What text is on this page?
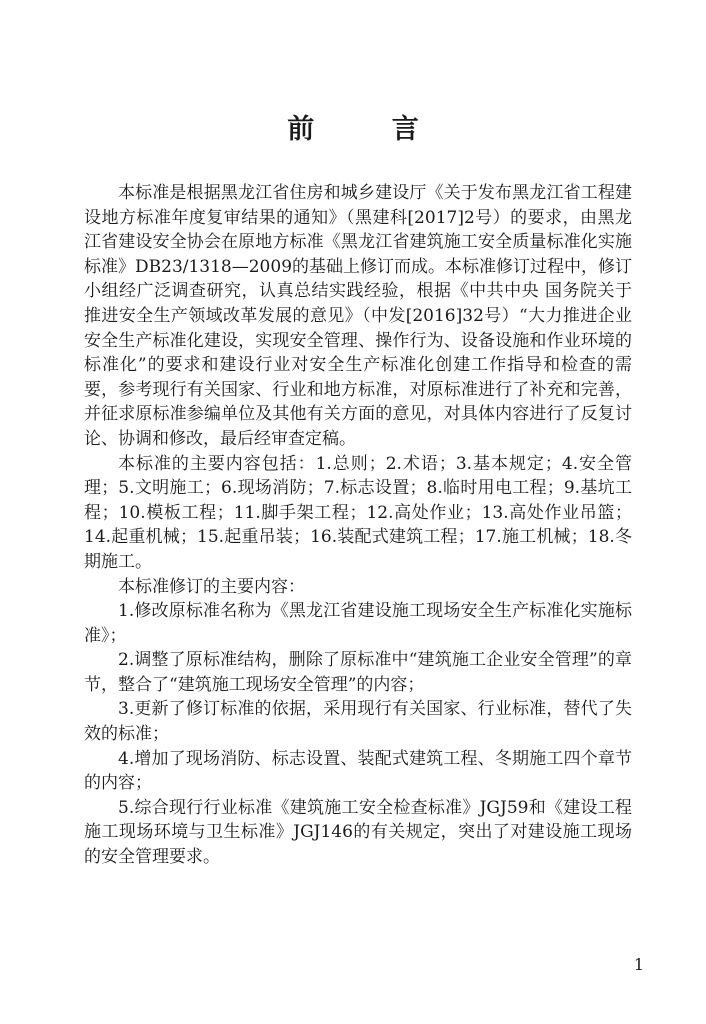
前 言

本标准是根据黑龙江省住房和城乡建设厅《关于发布黑龙江省工程建设地方标准年度复审结果的通知》（黑建科[2017]2号）的要求，由黑龙江省建设安全协会在原地方标准《黑龙江省建筑施工安全质量标准化实施标准》DB23/1318—2009的基础上修订而成。本标准修订过程中，修订小组经广泛调查研究，认真总结实践经验，根据《中共中央 国务院关于推进安全生产领域改革发展的意见》（中发[2016]32号）“大力推进企业安全生产标准化建设，实现安全管理、操作行为、设备设施和作业环境的标准化”的要求和建设行业对安全生产标准化创建工作指导和检查的需要，参考现行有关国家、行业和地方标准，对原标准进行了补充和完善，并征求原标准参编单位及其他有关方面的意见，对具体内容进行了反复讨论、协调和修改，最后经审查定稿。

本标准的主要内容包括：1.总则；2.术语；3.基本规定；4.安全管理；5.文明施工；6.现场消防；7.标志设置；8.临时用电工程；9.基坑工程；10.模板工程；11.脚手架工程；12.高处作业；13.高处作业吊篮；14.起重机械；15.起重吊装；16.装配式建筑工程；17.施工机械；18.冬期施工。

本标准修订的主要内容：

1.修改原标准名称为《黑龙江省建设施工现场安全生产标准化实施标准》；

2.调整了原标准结构，删除了原标准中“建筑施工企业安全管理”的章节，整合了“建筑施工现场安全管理”的内容；

3.更新了修订标准的依据，采用现行有关国家、行业标准，替代了失效的标准；

4.增加了现场消防、标志设置、装配式建筑工程、冬期施工四个章节的内容；

5.综合现行行业标准《建筑施工安全检查标准》JGJ59和《建设工程施工现场环境与卫生标准》JGJ146的有关规定，突出了对建设施工现场的安全管理要求。

1
